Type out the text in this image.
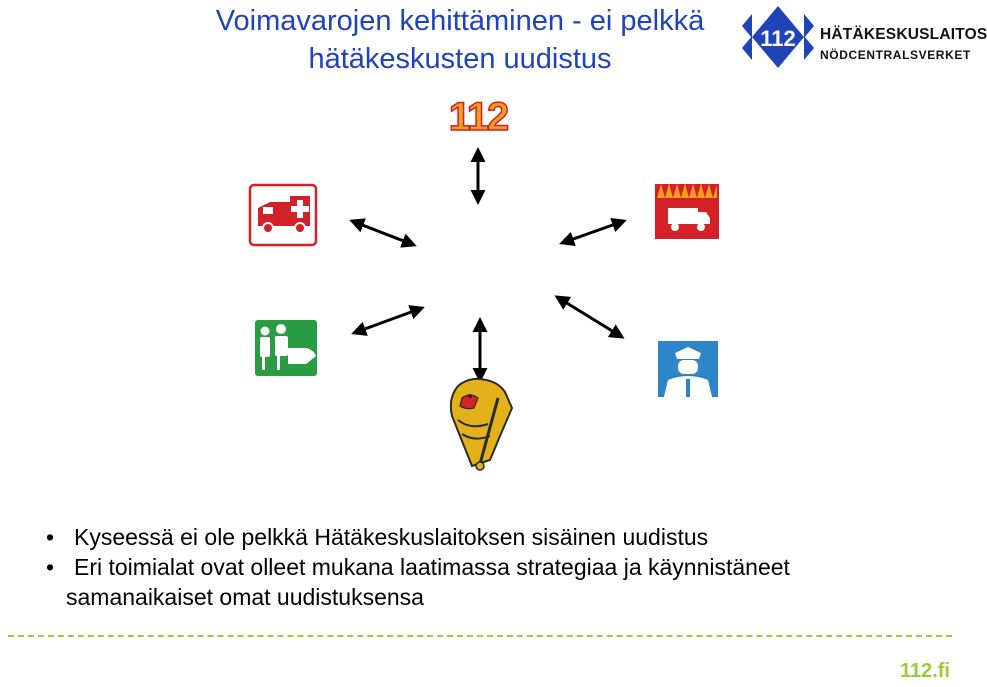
Voimavarojen kehittäminen - ei pelkkä
hätäkeskusten uudistus
112 HÄTÄKESKUSLAITOS
NÖDCENTRALSVERKET
112
• Kyseessä ei ole pelkkä Hätäkeskuslaitoksen sisäinen uudistus
• Eri toimialat ovat olleet mukana laatimassa strategiaa ja käynnistäneet
samanaikaiset omat uudistuksensa
112.fi
